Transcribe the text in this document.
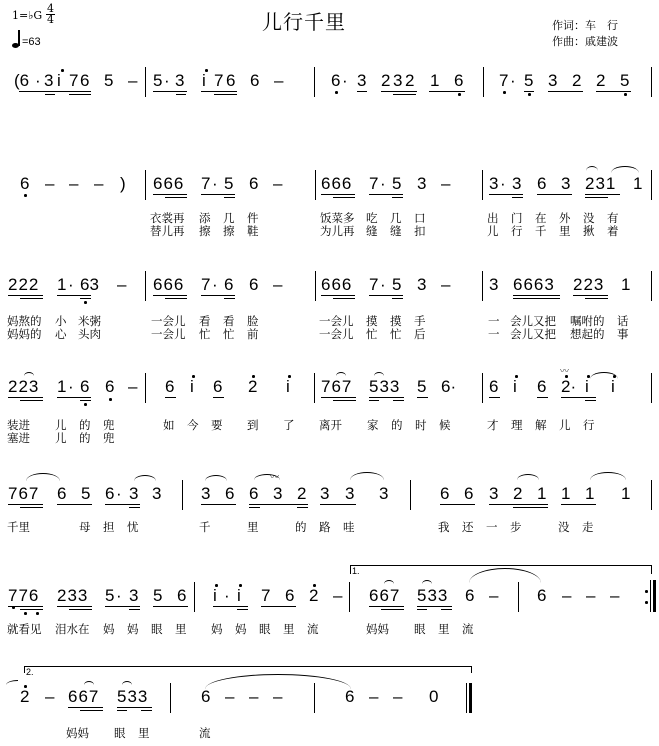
1=♭G
4
4
=63
儿行千里	作词：车　行
作曲：戚建波
(6 · 3 i 7 6 5 – 5 · 3 i 7 6 6 –	6 · 3 2 3 2 1 6 7 · 5 3 2 2 5
6 – – – ) 666 7 · 5 6 – 666 7 · 5 3 – 3 · 3 6 3 231 1
衣裳再 添 几 件	饭菜多 吃 几 口	出 门 在 外 没 有
替儿再 擦 擦 鞋	为儿再 缝 缝 扣	儿 行 千 里 揪 着
222 1 · 63 – 666 7 · 6 6 – 666 7 · 5 3 – 3 6663 223 1
妈熬的 小 米粥	一会儿 看 看 脸	一会儿 摸 摸 手	一 会儿又把 嘱咐的 话
妈妈的 心 头肉	一会儿 忙 忙 前	一会儿 忙 忙 后	一 会儿又把 想起的 事
223 1 · 6 6 – 6 i 6 2 i 767 533 5 6· 6 i 6 2·
〰
i i
装进 儿 的 兜	如 今 要 到 了 离开 家 的 时 候	才 理 解 儿 行
塞进 儿 的 兜
767 6 5 6 · 3 3 3 6 6 3 2
〰
3 3 3	6 6 3 2 1 1 1 1
千里	母 担 忧	千	里	的 路 哇	我 还 一 步	没 走
776 233 5 · 3 5 6 i · i 7 6 2 –
1.
667 533 6 – 6 – – –
就看见 泪水在 妈 妈 眼 里 妈 妈 眼 里 流	妈妈 眼 里 流
2.
2 – 667 533	6 – – –	6 – – 0
妈妈 眼 里	流
